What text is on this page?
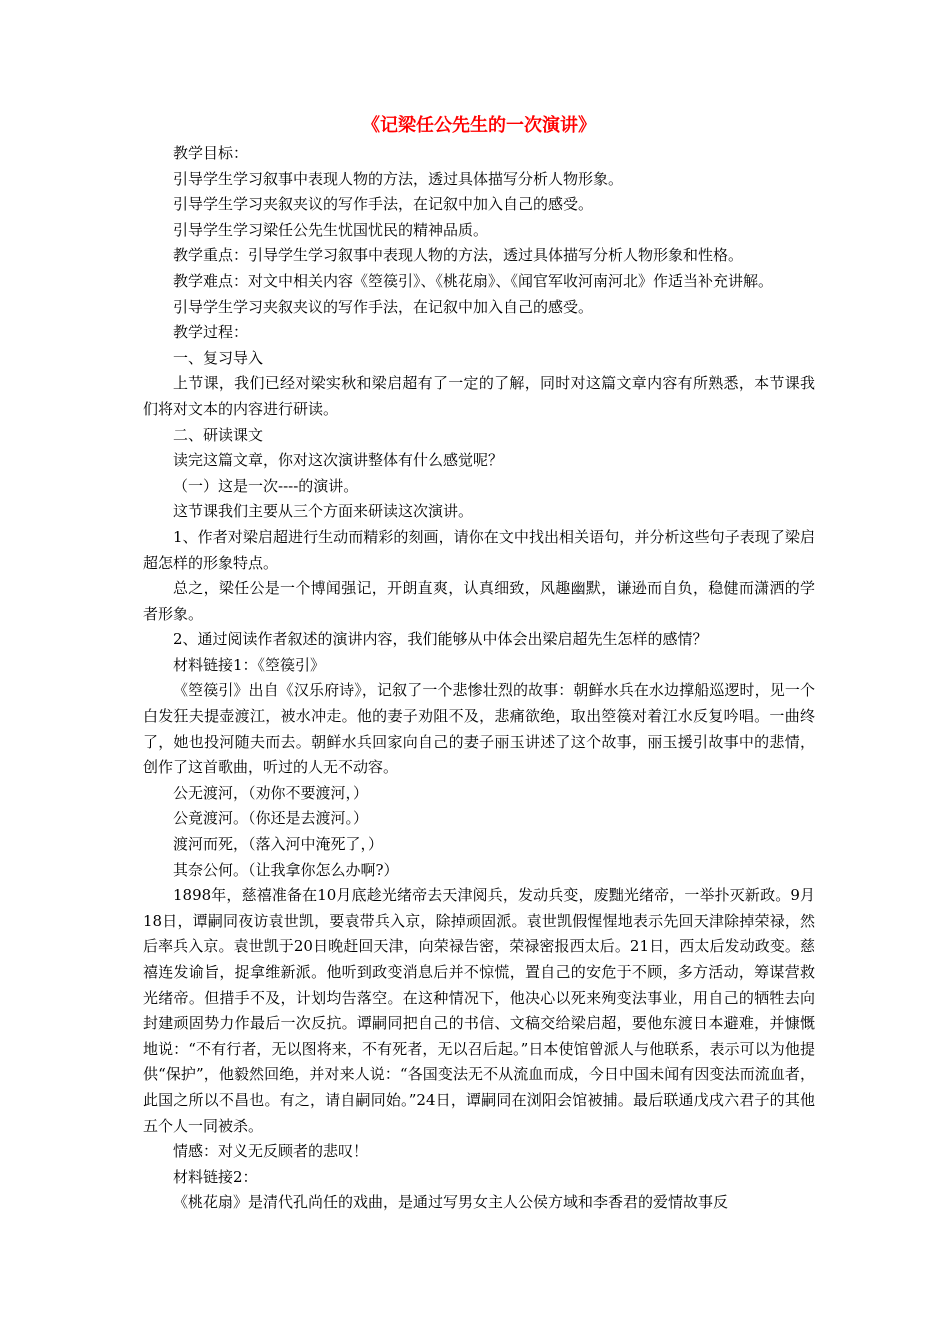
《记梁任公先生的一次演讲》

教学目标：

引导学生学习叙事中表现人物的方法，透过具体描写分析人物形象。

引导学生学习夹叙夹议的写作手法，在记叙中加入自己的感受。

引导学生学习梁任公先生忧国忧民的精神品质。

教学重点：引导学生学习叙事中表现人物的方法，透过具体描写分析人物形象和性格。

教学难点：对文中相关内容《箜篌引》、《桃花扇》、《闻官军收河南河北》作适当补充讲解。

引导学生学习夹叙夹议的写作手法，在记叙中加入自己的感受。

教学过程：

一、复习导入

上节课，我们已经对梁实秋和梁启超有了一定的了解，同时对这篇文章内容有所熟悉，本节课我们将对文本的内容进行研读。

二、研读课文

读完这篇文章，你对这次演讲整体有什么感觉呢？

（一）这是一次----的演讲。

这节课我们主要从三个方面来研读这次演讲。

1、作者对梁启超进行生动而精彩的刻画，请你在文中找出相关语句，并分析这些句子表现了梁启超怎样的形象特点。

总之，梁任公是一个博闻强记，开朗直爽，认真细致，风趣幽默，谦逊而自负，稳健而潇洒的学者形象。

2、通过阅读作者叙述的演讲内容，我们能够从中体会出梁启超先生怎样的感情？

材料链接1：《箜篌引》

《箜篌引》出自《汉乐府诗》，记叙了一个悲惨壮烈的故事：朝鲜水兵在水边撑船巡逻时，见一个白发狂夫提壶渡江，被水冲走。他的妻子劝阻不及，悲痛欲绝，取出箜篌对着江水反复吟唱。一曲终了，她也投河随夫而去。朝鲜水兵回家向自己的妻子丽玉讲述了这个故事，丽玉援引故事中的悲情，创作了这首歌曲，听过的人无不动容。

公无渡河，（劝你不要渡河，）

公竟渡河。（你还是去渡河。）

渡河而死，（落入河中淹死了，）

其奈公何。（让我拿你怎么办啊?）

1898年，慈禧准备在10月底趁光绪帝去天津阅兵，发动兵变，废黜光绪帝，一举扑灭新政。9月18日，谭嗣同夜访袁世凯，要袁带兵入京，除掉顽固派。袁世凯假惺惺地表示先回天津除掉荣禄，然后率兵入京。袁世凯于20日晚赶回天津，向荣禄告密，荣禄密报西太后。21日，西太后发动政变。慈禧连发谕旨，捉拿维新派。他听到政变消息后并不惊慌，置自己的安危于不顾，多方活动，筹谋营救光绪帝。但措手不及，计划均告落空。在这种情况下，他决心以死来殉变法事业，用自己的牺牲去向封建顽固势力作最后一次反抗。谭嗣同把自己的书信、文稿交给梁启超，要他东渡日本避难，并慷慨地说：“不有行者，无以图将来，不有死者，无以召后起。”日本使馆曾派人与他联系，表示可以为他提供“保护”，他毅然回绝，并对来人说：“各国变法无不从流血而成，今日中国未闻有因变法而流血者，此国之所以不昌也。有之，请自嗣同始。”24日，谭嗣同在浏阳会馆被捕。最后联通戊戌六君子的其他五个人一同被杀。

情感：对义无反顾者的悲叹！

材料链接2：

《桃花扇》是清代孔尚任的戏曲，是通过写男女主人公侯方域和李香君的爱情故事反
